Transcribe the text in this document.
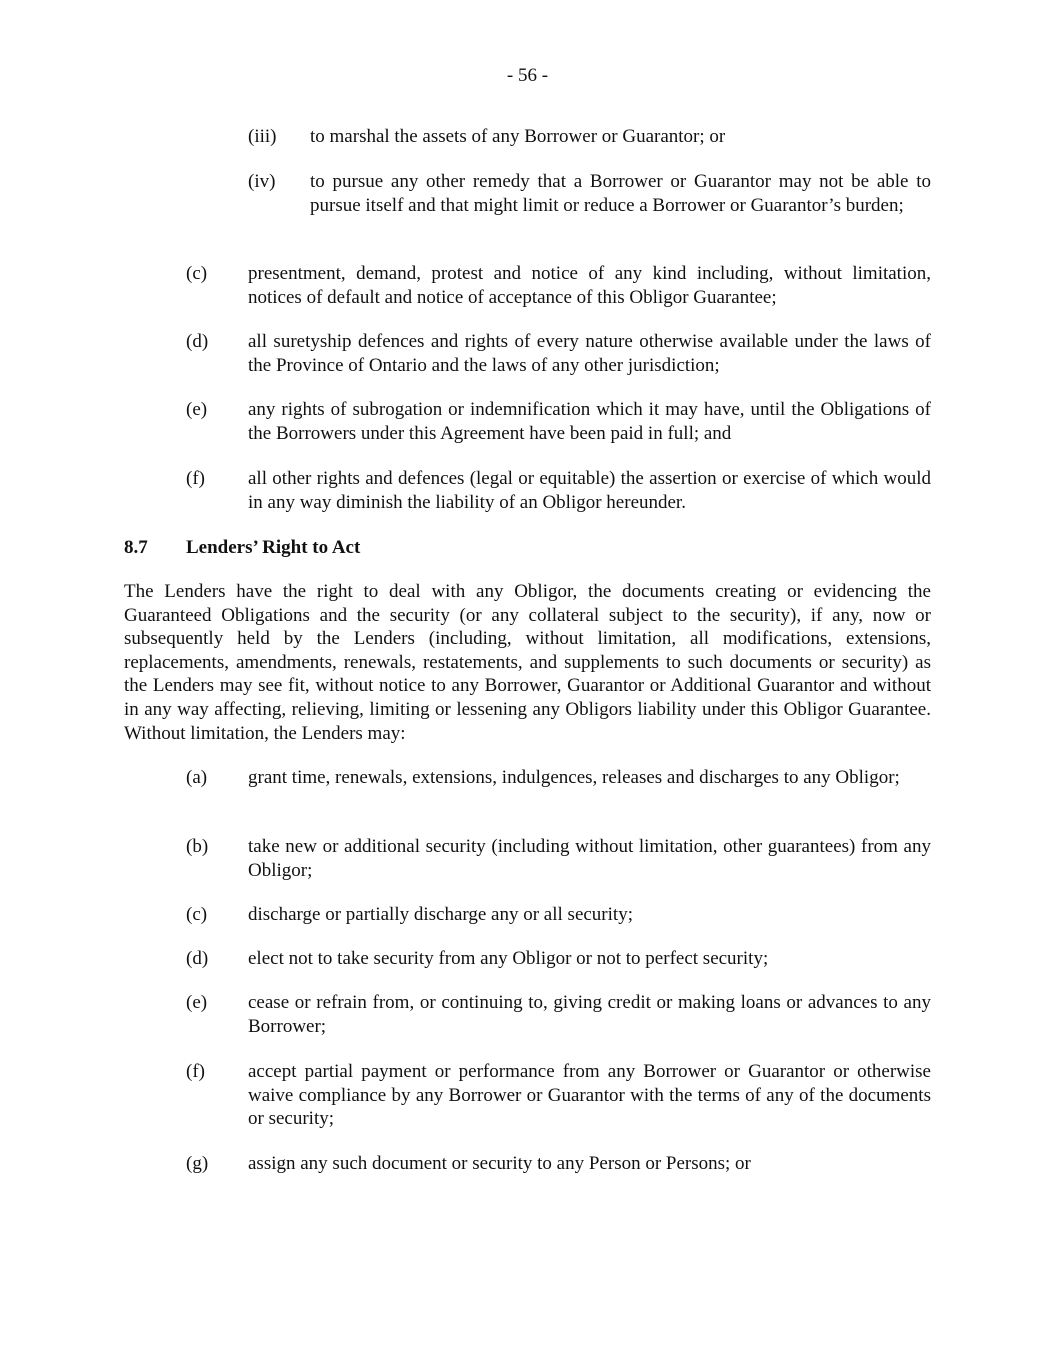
- 56 -
(iii)	to marshal the assets of any Borrower or Guarantor; or
(iv)	to pursue any other remedy that a Borrower or Guarantor may not be able to pursue itself and that might limit or reduce a Borrower or Guarantor’s burden;
(c)	presentment, demand, protest and notice of any kind including, without limitation, notices of default and notice of acceptance of this Obligor Guarantee;
(d)	all suretyship defences and rights of every nature otherwise available under the laws of the Province of Ontario and the laws of any other jurisdiction;
(e)	any rights of subrogation or indemnification which it may have, until the Obligations of the Borrowers under this Agreement have been paid in full; and
(f)	all other rights and defences (legal or equitable) the assertion or exercise of which would in any way diminish the liability of an Obligor hereunder.
8.7	Lenders’ Right to Act
The Lenders have the right to deal with any Obligor, the documents creating or evidencing the Guaranteed Obligations and the security (or any collateral subject to the security), if any, now or subsequently held by the Lenders (including, without limitation, all modifications, extensions, replacements, amendments, renewals, restatements, and supplements to such documents or security) as the Lenders may see fit, without notice to any Borrower, Guarantor or Additional Guarantor and without in any way affecting, relieving, limiting or lessening any Obligors liability under this Obligor Guarantee. Without limitation, the Lenders may:
(a)	grant time, renewals, extensions, indulgences, releases and discharges to any Obligor;
(b)	take new or additional security (including without limitation, other guarantees) from any Obligor;
(c)	discharge or partially discharge any or all security;
(d)	elect not to take security from any Obligor or not to perfect security;
(e)	cease or refrain from, or continuing to, giving credit or making loans or advances to any Borrower;
(f)	accept partial payment or performance from any Borrower or Guarantor or otherwise waive compliance by any Borrower or Guarantor with the terms of any of the documents or security;
(g)	assign any such document or security to any Person or Persons; or
